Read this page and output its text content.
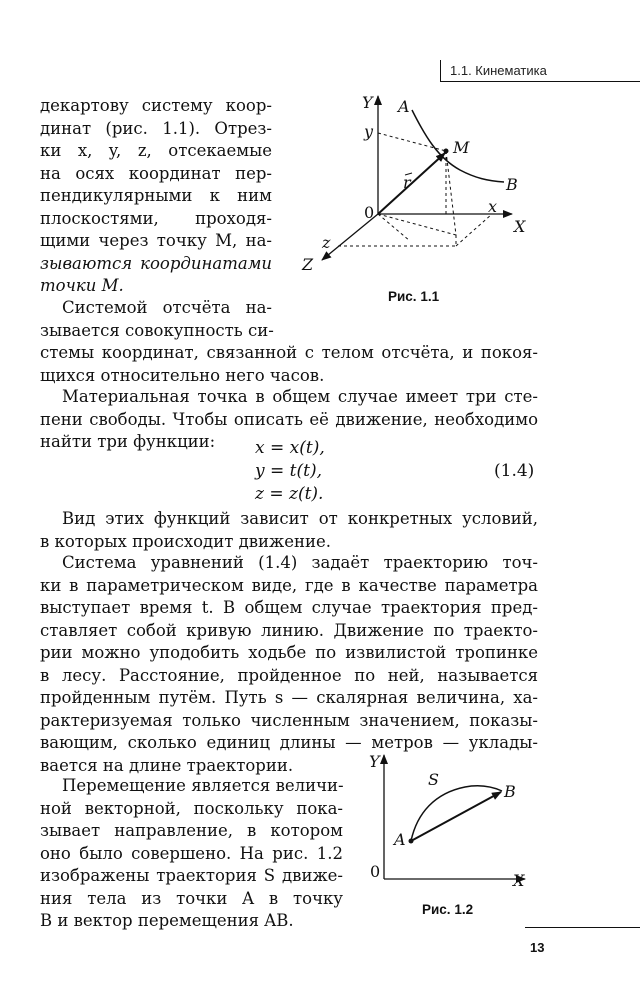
1.1. Кинематика
декартову систему коор-
динат (рис. 1.1). Отрез-
ки x, y, z, отсекаемые
на осях координат пер-
пендикулярными к ним
плоскостями, проходя-
щими через точку M, на-
зываются координатами
точки M.
Системой отсчёта на-
зывается совокупность си-
стемы координат, связанной с телом отсчёта, и покоя-
щихся относительно него часов.
Материальная точка в общем случае имеет три сте-
пени свободы. Чтобы описать её движение, необходимо
найти три функции:	x = x(t),
y = t(t),
z = z(t).
(1.4)
Вид этих функций зависит от конкретных условий,
в которых происходит движение.
Система уравнений (1.4) задаёт траекторию точ-
ки в параметрическом виде, где в качестве параметра
выступает время t. В общем случае траектория пред-
ставляет собой кривую линию. Движение по траекто-
рии можно уподобить ходьбе по извилистой тропинке
в лесу. Расстояние, пройденное по ней, называется
пройденным путём. Путь s — скалярная величина, ха-
рактеризуемая только численным значением, показы-
вающим, сколько единиц длины — метров — уклады-
вается на длине траектории.
Перемещение является величи-
ной векторной, поскольку пока-
зывает направление, в котором
оно было совершено. На рис. 1.2
изображены траектория S движе-
ния тела из точки A в точку
B и вектор перемещения AB.
Y A
y
M
r	B
0	x
X
z
Z
Рис. 1.1
Y
S
B
A
0	X
Рис. 1.2
13
